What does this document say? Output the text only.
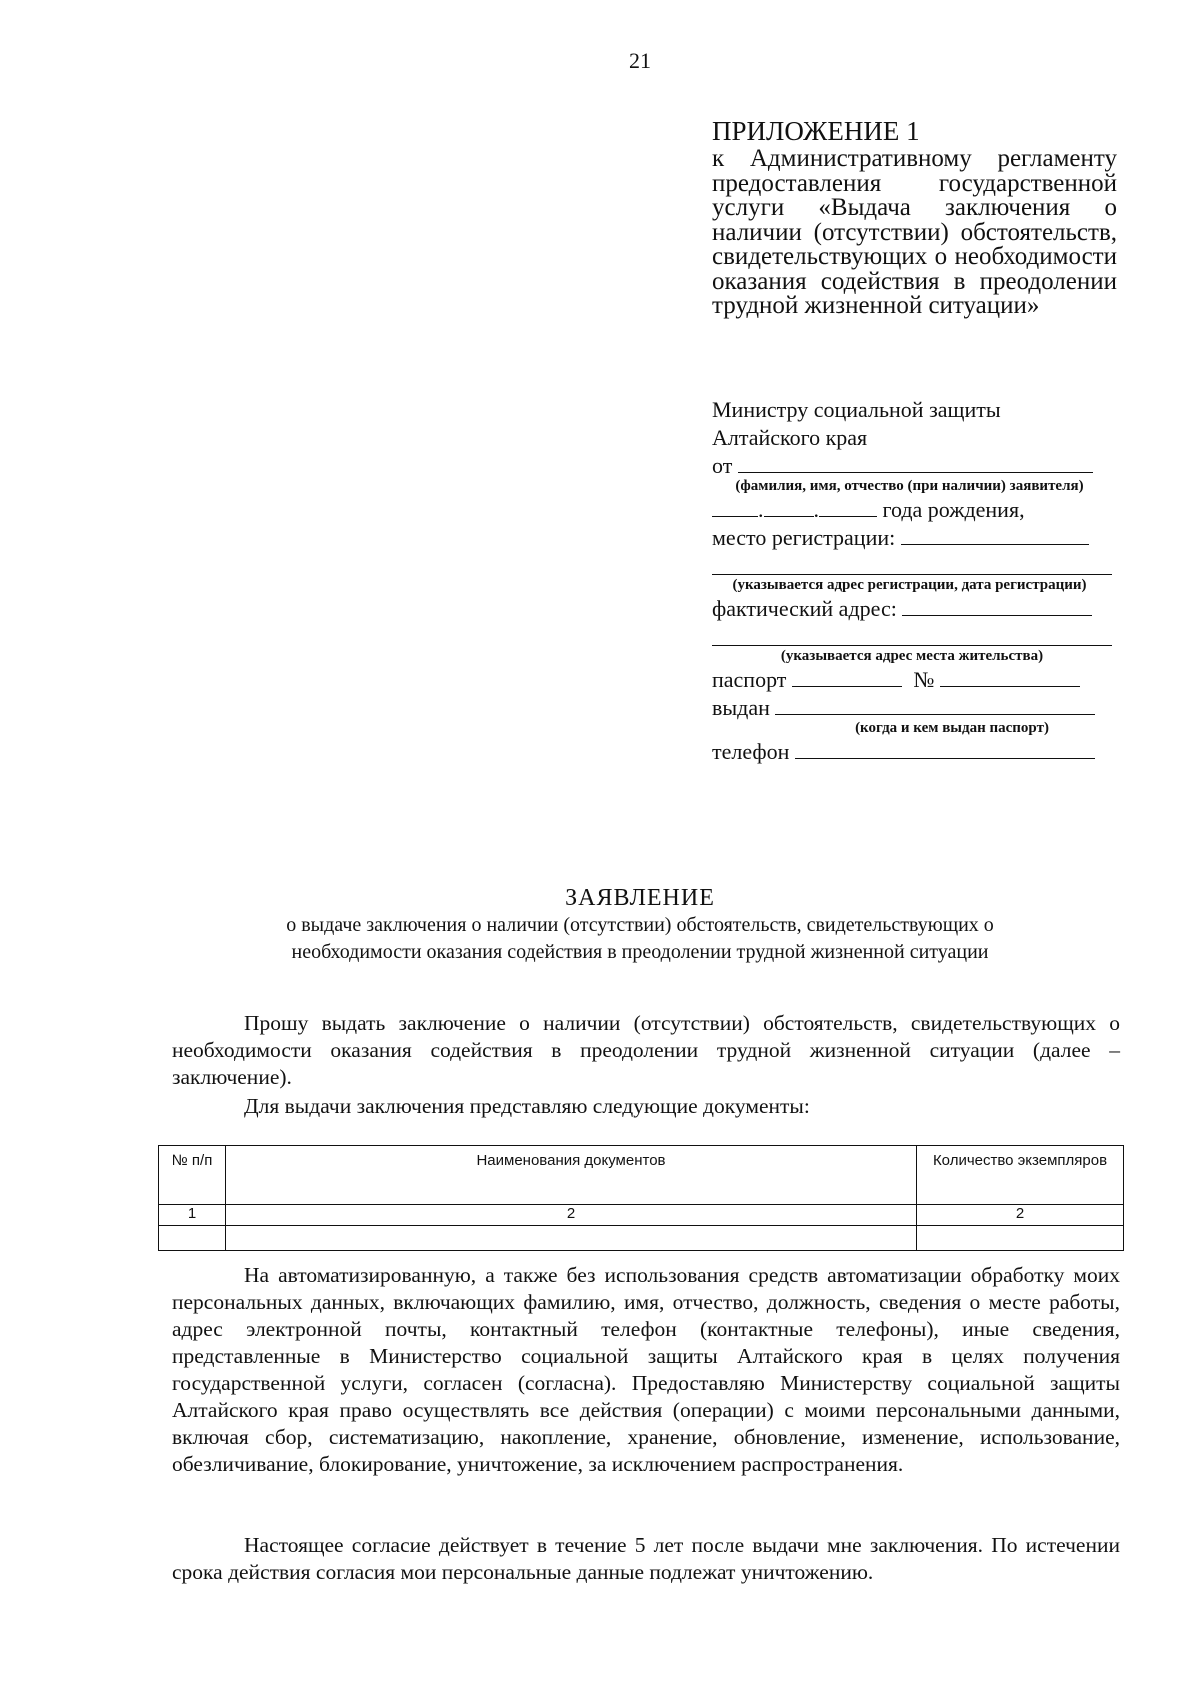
21
ПРИЛОЖЕНИЕ 1
к Административному регламенту предоставления государственной услуги «Выдача заключения о наличии (отсутствии) обстоятельств, свидетельствующих о необходимости оказания содействия в преодолении трудной жизненной ситуации»
Министру социальной защиты
Алтайского края
от
(фамилия, имя, отчество (при наличии) заявителя)
. .	года рождения,
место регистрации:
(указывается адрес регистрации, дата регистрации)
фактический адрес:
(указывается адрес места жительства)
паспорт	№
выдан
(когда и кем выдан паспорт)
телефон
ЗАЯВЛЕНИЕ
о выдаче заключения о наличии (отсутствии) обстоятельств, свидетельствующих о необходимости оказания содействия в преодолении трудной жизненной ситуации
Прошу выдать заключение о наличии (отсутствии) обстоятельств, свидетельствующих о необходимости оказания содействия в преодолении трудной жизненной ситуации (далее – заключение).
Для выдачи заключения представляю следующие документы:
№ п/п	Наименования документов	Количество экземпляров
1	2	2

На автоматизированную, а также без использования средств автоматизации обработку моих персональных данных, включающих фамилию, имя, отчество, должность, сведения о месте работы, адрес электронной почты, контактный телефон (контактные телефоны), иные сведения, представленные в Министерство социальной защиты Алтайского края в целях получения государственной услуги, согласен (согласна). Предоставляю Министерству социальной защиты Алтайского края право осуществлять все действия (операции) с моими персональными данными, включая сбор, систематизацию, накопление, хранение, обновление, изменение, использование, обезличивание, блокирование, уничтожение, за исключением распространения.
Настоящее согласие действует в течение 5 лет после выдачи мне заключения. По истечении срока действия согласия мои персональные данные подлежат уничтожению.
